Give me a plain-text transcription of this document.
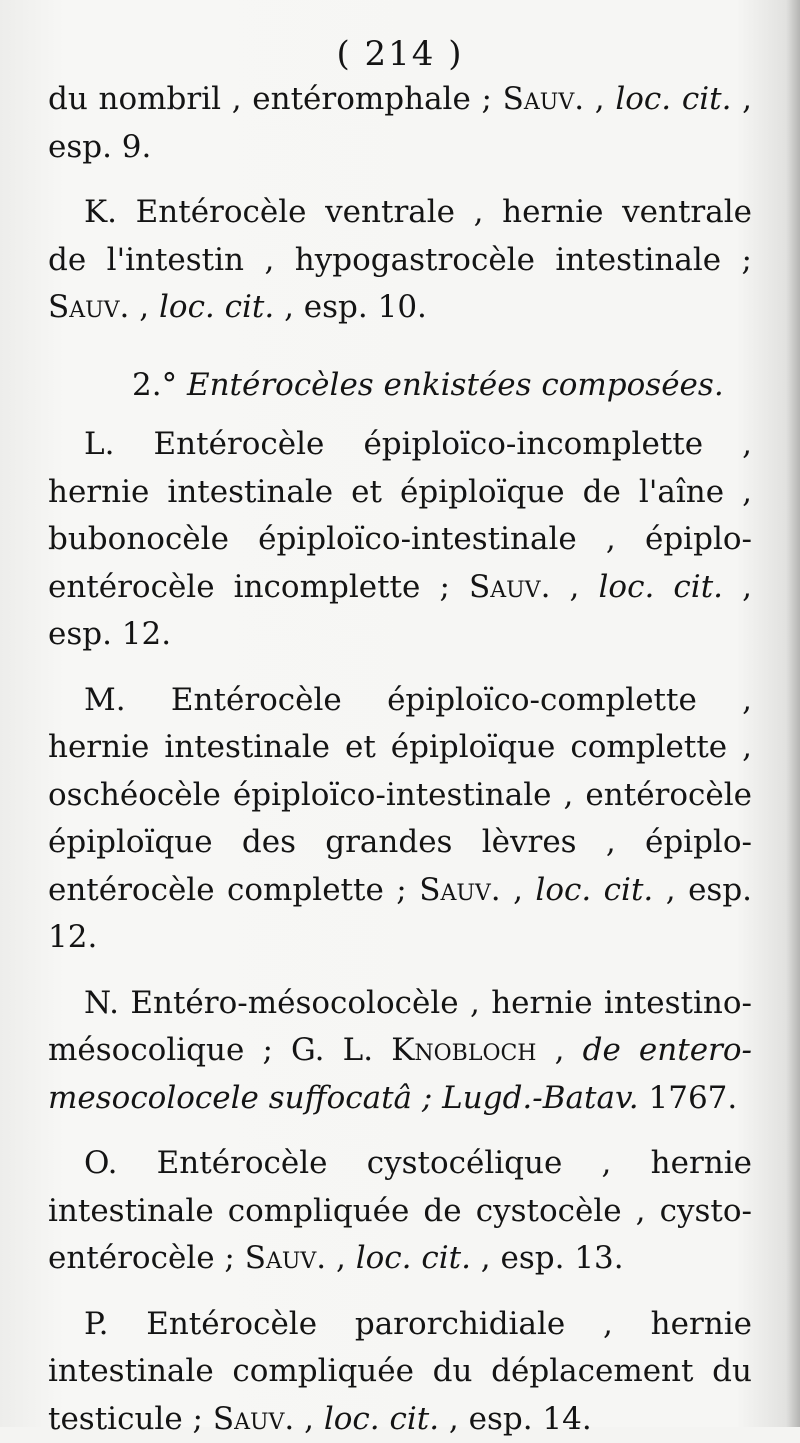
( 214 )

du nombril , entéromphale ; Sauv. , loc. cit. , esp. 9.

K. Entérocèle ventrale , hernie ventrale de l'intestin , hypogastrocèle intestinale ; Sauv. , loc. cit. , esp. 10.

2.° Entérocèles enkistées composées.

L. Entérocèle épiploïco-incomplette , hernie intestinale et épiploïque de l'aîne , bubonocèle épiploïco-intestinale , épiplo-entérocèle incomplette ; Sauv. , loc. cit. , esp. 12.

M. Entérocèle épiploïco-complette , hernie intestinale et épiploïque complette , oschéocèle épiploïco-intestinale , entérocèle épiploïque des grandes lèvres , épiplo-entérocèle complette ; Sauv. , loc. cit. , esp. 12.

N. Entéro-mésocolocèle , hernie intestino-mésocolique ; G. L. Knobloch , de entero-mesocolocele suffocatâ ; Lugd.-Batav. 1767.

O. Entérocèle cystocélique , hernie intestinale compliquée de cystocèle , cysto-entérocèle ; Sauv. , loc. cit. , esp. 13.

P. Entérocèle parorchidiale , hernie intestinale compliquée du déplacement du testicule ; Sauv. , loc. cit. , esp. 14.
